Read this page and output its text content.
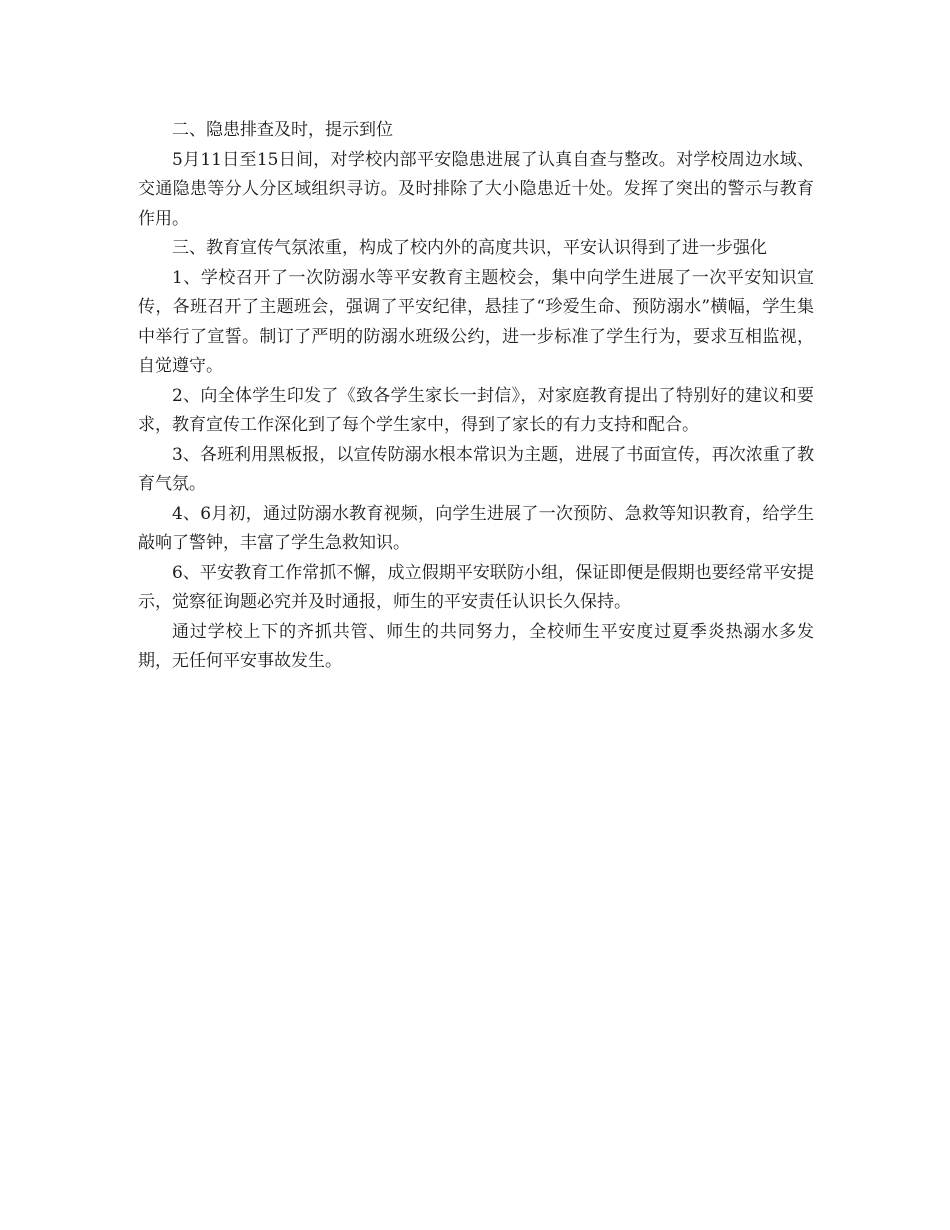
二、隐患排查及时，提示到位

5月11日至15日间，对学校内部平安隐患进展了认真自查与整改。对学校周边水域、交通隐患等分人分区域组织寻访。及时排除了大小隐患近十处。发挥了突出的警示与教育作用。

三、教育宣传气氛浓重，构成了校内外的高度共识，平安认识得到了进一步强化

1、学校召开了一次防溺水等平安教育主题校会，集中向学生进展了一次平安知识宣传，各班召开了主题班会，强调了平安纪律，悬挂了“珍爱生命、预防溺水”横幅，学生集中举行了宣誓。制订了严明的防溺水班级公约，进一步标准了学生行为，要求互相监视，自觉遵守。

2、向全体学生印发了《致各学生家长一封信》，对家庭教育提出了特别好的建议和要求，教育宣传工作深化到了每个学生家中，得到了家长的有力支持和配合。

3、各班利用黑板报，以宣传防溺水根本常识为主题，进展了书面宣传，再次浓重了教育气氛。

4、6月初，通过防溺水教育视频，向学生进展了一次预防、急救等知识教育，给学生敲响了警钟，丰富了学生急救知识。

6、平安教育工作常抓不懈，成立假期平安联防小组，保证即便是假期也要经常平安提示，觉察征询题必究并及时通报，师生的平安责任认识长久保持。

通过学校上下的齐抓共管、师生的共同努力，全校师生平安度过夏季炎热溺水多发期，无任何平安事故发生。
